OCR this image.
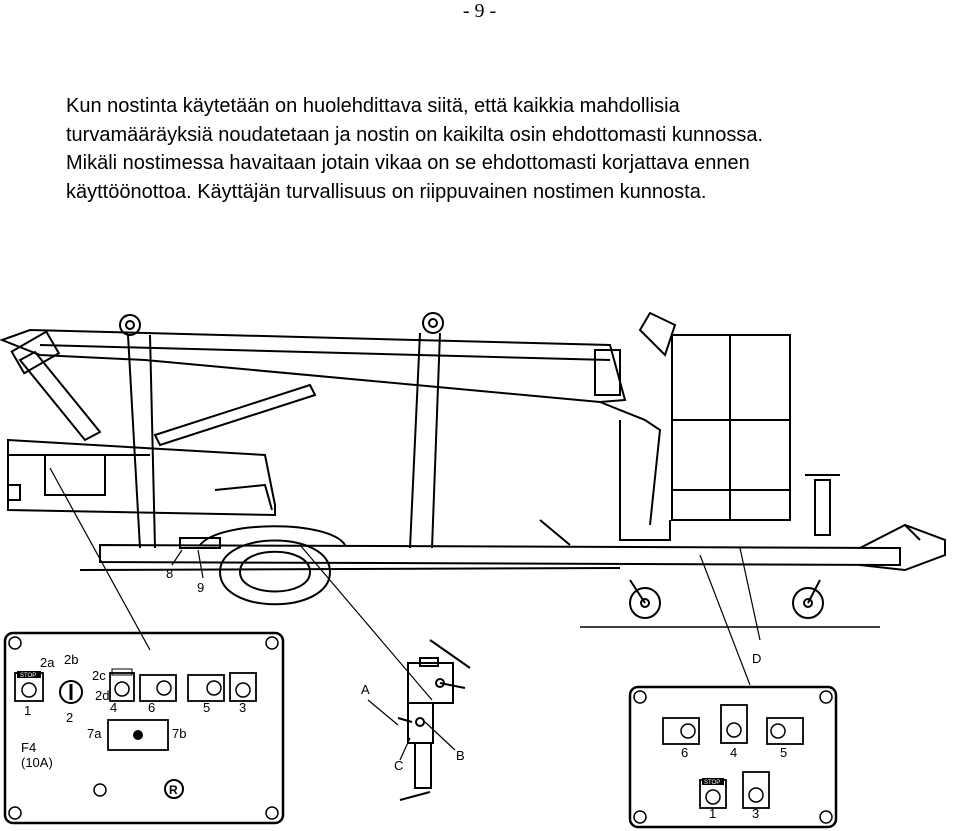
- 9 -
Kun nostinta käytetään on huolehdittava siitä, että kaikkia mahdollisia
turvamääräyksiä noudatetaan ja nostin on kaikilta osin ehdottomasti kunnossa.
Mikäli nostimessa havaitaan jotain vikaa on se ehdottomasti korjattava ennen
käyttöönottoa. Käyttäjän turvallisuus on riippuvainen nostimen kunnosta.
8
9
A
B
C
D
STOP
R
2a 2b
2c
2d
1	2
4 6	5 3
7a	7b
F4
(10A)
STOP
6	4	5
1	3
